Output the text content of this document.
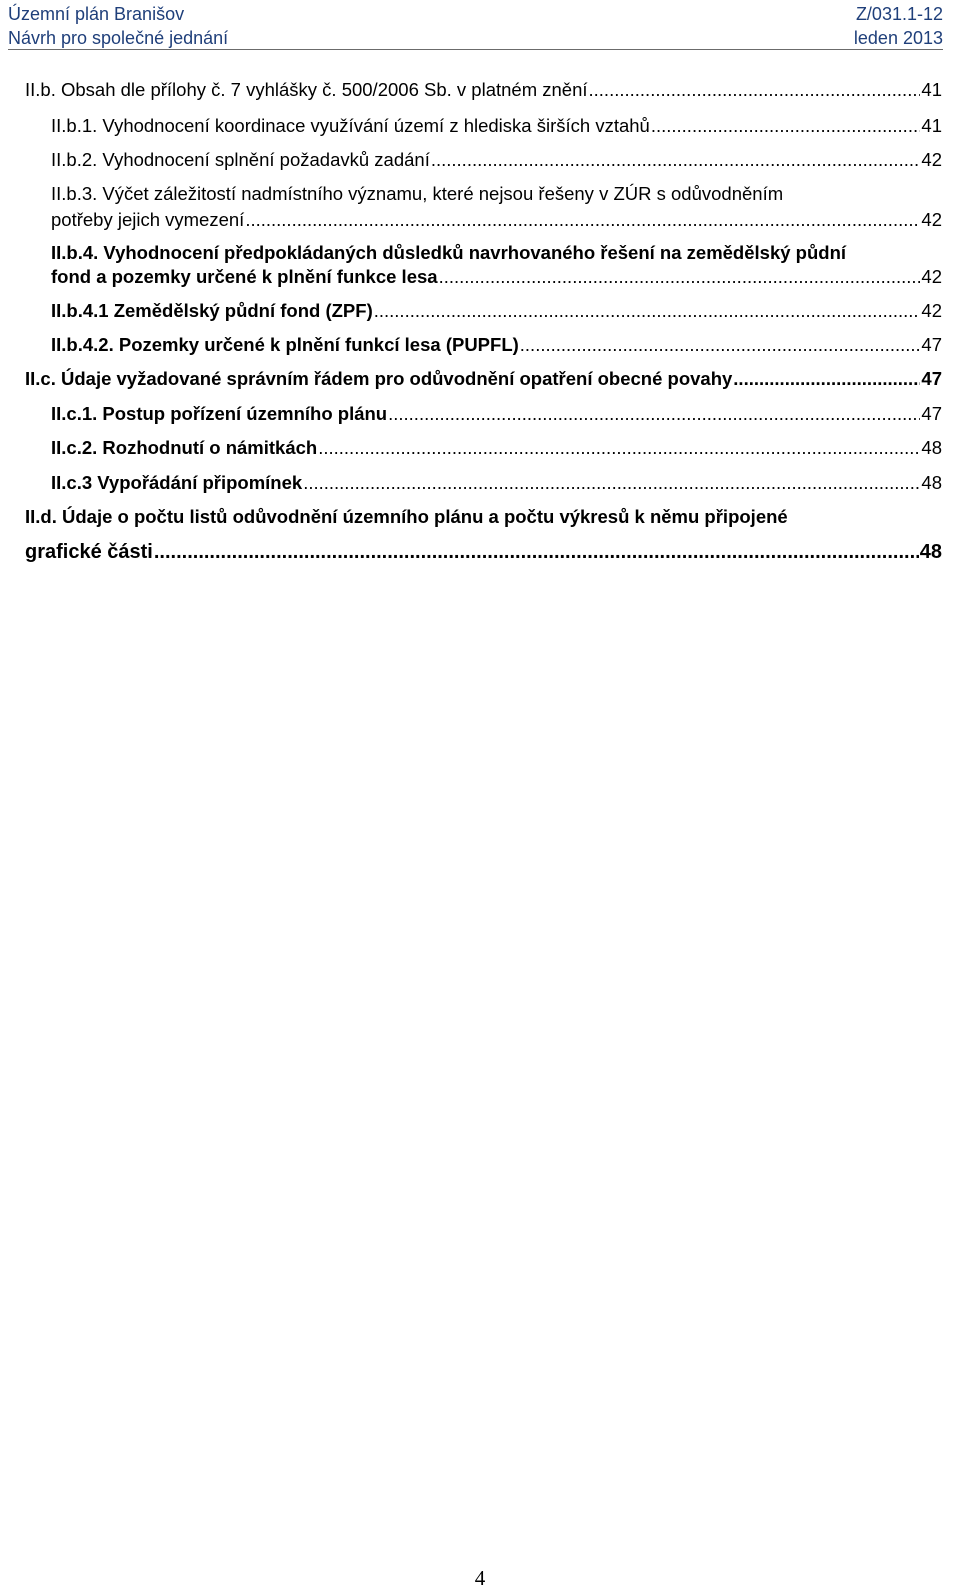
Územní plán Branišov	Z/031.1-12
Návrh pro společné jednání	leden 2013
II.b. Obsah dle přílohy č. 7 vyhlášky č. 500/2006 Sb. v platném znění .....	41
II.b.1. Vyhodnocení koordinace využívání území z hlediska širších vztahů .....	41
II.b.2. Vyhodnocení splnění požadavků zadání .....	42
II.b.3. Výčet záležitostí nadmístního významu, které nejsou řešeny v ZÚR s odůvodněním
potřeby jejich vymezení .....	42
II.b.4. Vyhodnocení předpokládaných důsledků navrhovaného řešení na zemědělský půdní
fond a pozemky určené k plnění funkce lesa .....	42
II.b.4.1 Zemědělský půdní fond (ZPF) .....	42
II.b.4.2. Pozemky určené k plnění funkcí lesa (PUPFL) .....	47
II.c. Údaje vyžadované správním řádem pro odůvodnění opatření obecné povahy .....	47
II.c.1. Postup pořízení územního plánu .....	47
II.c.2. Rozhodnutí o námitkách .....	48
II.c.3 Vypořádání připomínek .....	48
II.d. Údaje o počtu listů odůvodnění územního plánu a počtu výkresů k němu připojené
grafické části .....	48
4
